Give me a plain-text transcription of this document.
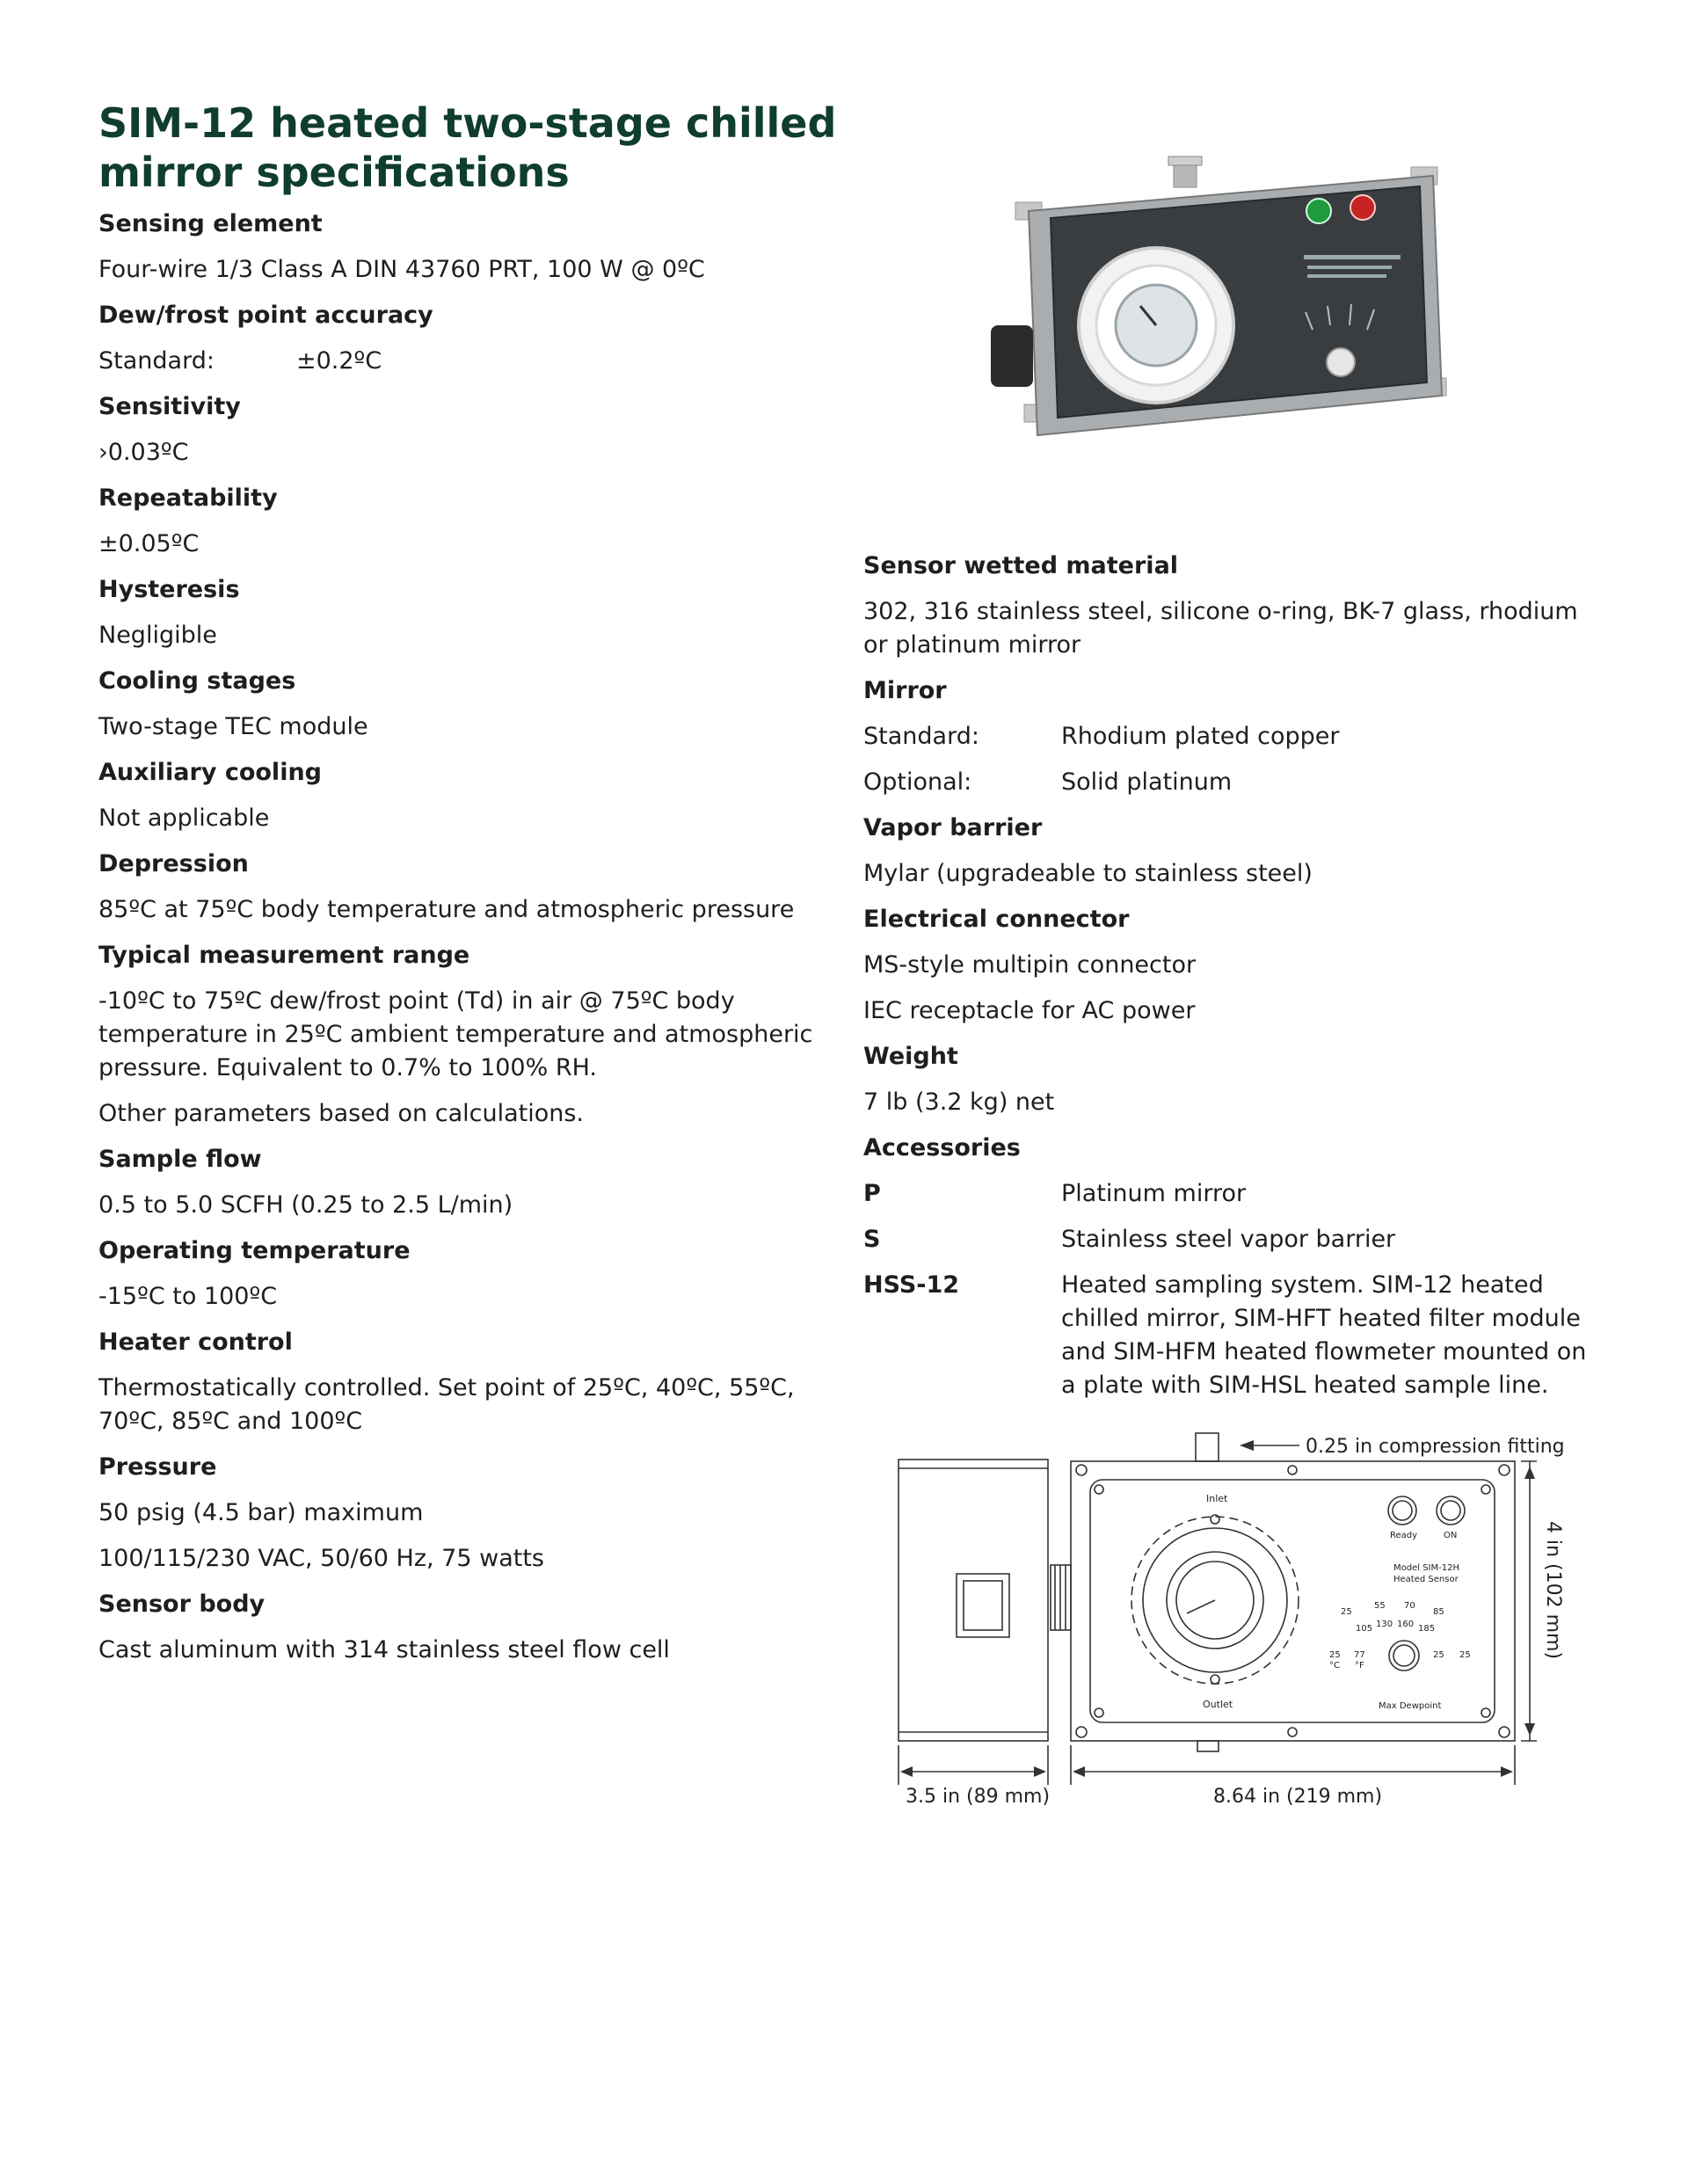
SIM-12 heated two-stage chilled mirror specifications
Sensing element
Four-wire 1/3 Class A DIN 43760 PRT, 100 W @ 0ºC
Dew/frost point accuracy
Standard:	±0.2ºC
Sensitivity
›0.03ºC
Repeatability
±0.05ºC
Hysteresis
Negligible
Cooling stages
Two-stage TEC module
Auxiliary cooling
Not applicable
Depression
85ºC at 75ºC body temperature and atmospheric pressure
Typical measurement range
-10ºC to 75ºC dew/frost point (Td) in air @ 75ºC body temperature in 25ºC ambient temperature and atmospheric pressure. Equivalent to 0.7% to 100% RH.
Other parameters based on calculations.
Sample flow
0.5 to 5.0 SCFH (0.25 to 2.5 L/min)
Operating temperature
-15ºC to 100ºC
Heater control
Thermostatically controlled. Set point of 25ºC, 40ºC, 55ºC, 70ºC, 85ºC and 100ºC
Pressure
50 psig (4.5 bar) maximum
100/115/230 VAC, 50/60 Hz, 75 watts
Sensor body
Cast aluminum with 314 stainless steel flow cell
Sensor wetted material
302, 316 stainless steel, silicone o-ring, BK-7 glass, rhodium or platinum mirror
Mirror
Standard:	Rhodium plated copper
Optional:	Solid platinum
Vapor barrier
Mylar (upgradeable to stainless steel)
Electrical connector
MS-style multipin connector
IEC receptacle for AC power
Weight
7 lb (3.2 kg) net
Accessories
P	Platinum mirror
S	Stainless steel vapor barrier
HSS-12	Heated sampling system. SIM-12 heated chilled mirror, SIM-HFT heated filter module and SIM-HFM heated flowmeter mounted on a plate with SIM-HSL heated sample line.
0.25 in compression fitting
4 in (102 mm)
3.5 in (89 mm)	8.64 in (219 mm)
Inlet
Outlet
Ready	ON
Model SIM-12H
Heated Sensor
Max Dewpoint
25
55 70
85
105 130 160 185
25 77
°C °F
25 25
